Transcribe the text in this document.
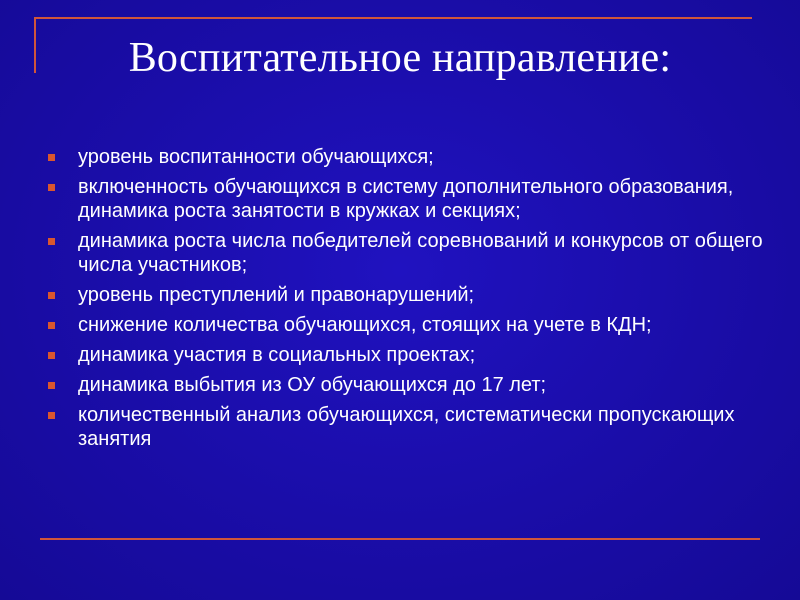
Воспитательное направление:
уровень воспитанности обучающихся;
включенность обучающихся в систему дополнительного образования, динамика роста занятости в кружках и секциях;
динамика роста числа победителей соревнований и конкурсов от общего числа участников;
уровень преступлений и правонарушений;
снижение количества обучающихся, стоящих на учете в КДН;
динамика участия в социальных проектах;
динамика выбытия из ОУ обучающихся до 17 лет;
количественный анализ обучающихся, систематически пропускающих занятия
